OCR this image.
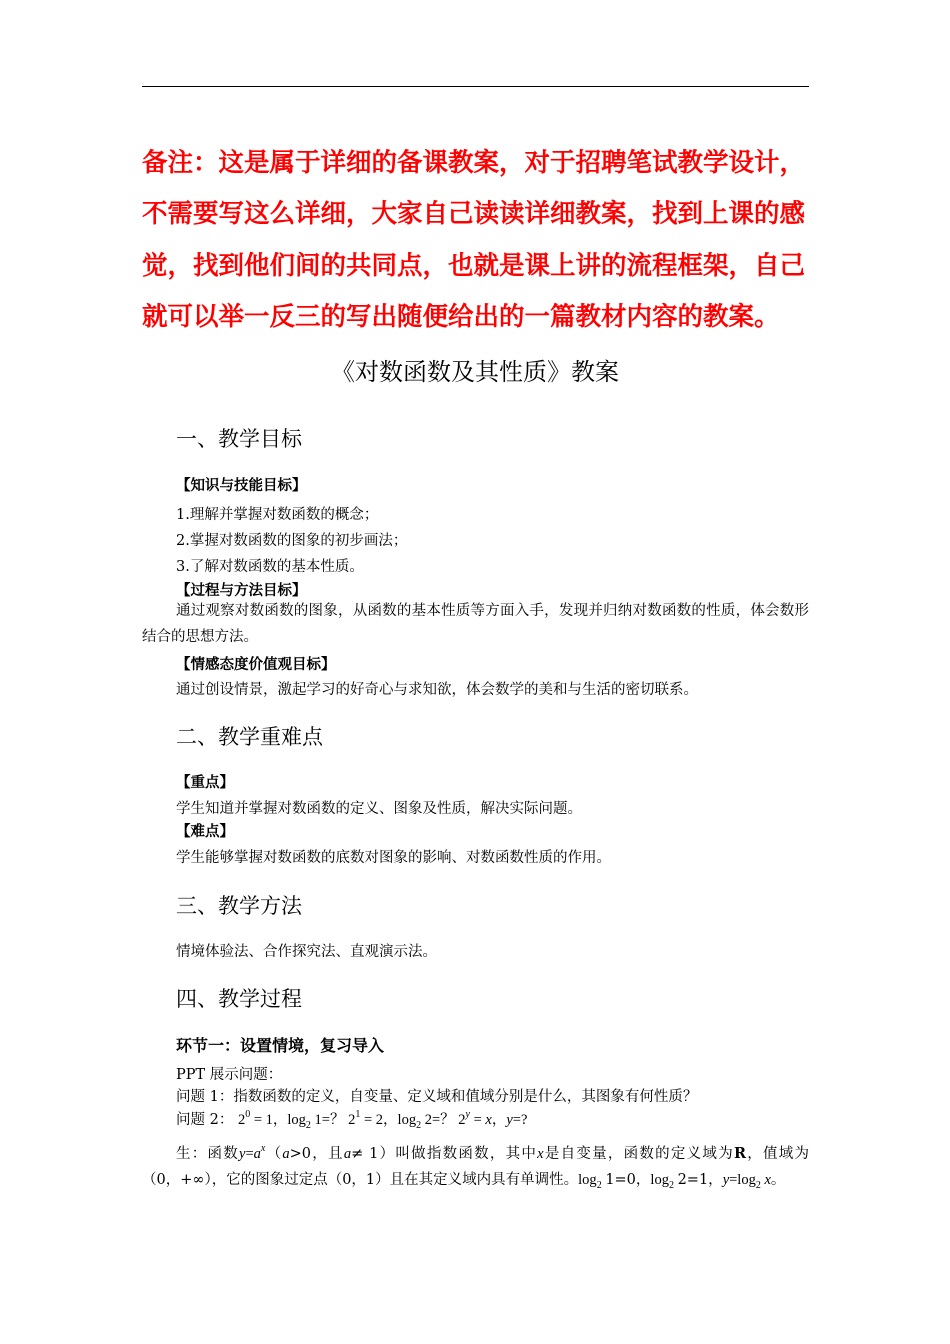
备注：这是属于详细的备课教案，对于招聘笔试教学设计，
不需要写这么详细，大家自己读读详细教案，找到上课的感
觉，找到他们间的共同点，也就是课上讲的流程框架，自己
就可以举一反三的写出随便给出的一篇教材内容的教案。
《对数函数及其性质》教案
一、教学目标
【知识与技能目标】
1.理解并掌握对数函数的概念；
2.掌握对数函数的图象的初步画法；
3.了解对数函数的基本性质。
【过程与方法目标】
通过观察对数函数的图象，从函数的基本性质等方面入手，发现并归纳对数函数的性质，体会数形结合的思想方法。
【情感态度价值观目标】
通过创设情景，激起学习的好奇心与求知欲，体会数学的美和与生活的密切联系。
二、教学重难点
【重点】
学生知道并掌握对数函数的定义、图象及性质，解决实际问题。
【难点】
学生能够掌握对数函数的底数对图象的影响、对数函数性质的作用。
三、教学方法
情境体验法、合作探究法、直观演示法。
四、教学过程
环节一：设置情境，复习导入
PPT 展示问题：
问题 1：指数函数的定义，自变量、定义域和值域分别是什么，其图象有何性质？
问题 2： $2^0 = 1$，$\log_2 1=$？ $2^1 = 2$，$\log_2 2=$？ $2^y = x$，y=?
生：函数$y=a^x(a>0$，且a≠ 1）叫做指数函数，其中x是自变量，函数的定义域为R，值域为（0，+∞），它的图象过定点（0，1）且在其定义域内具有单调性。$\log_2 1=0$，$\log_2 2=1$，$y=\log_2$ x。
